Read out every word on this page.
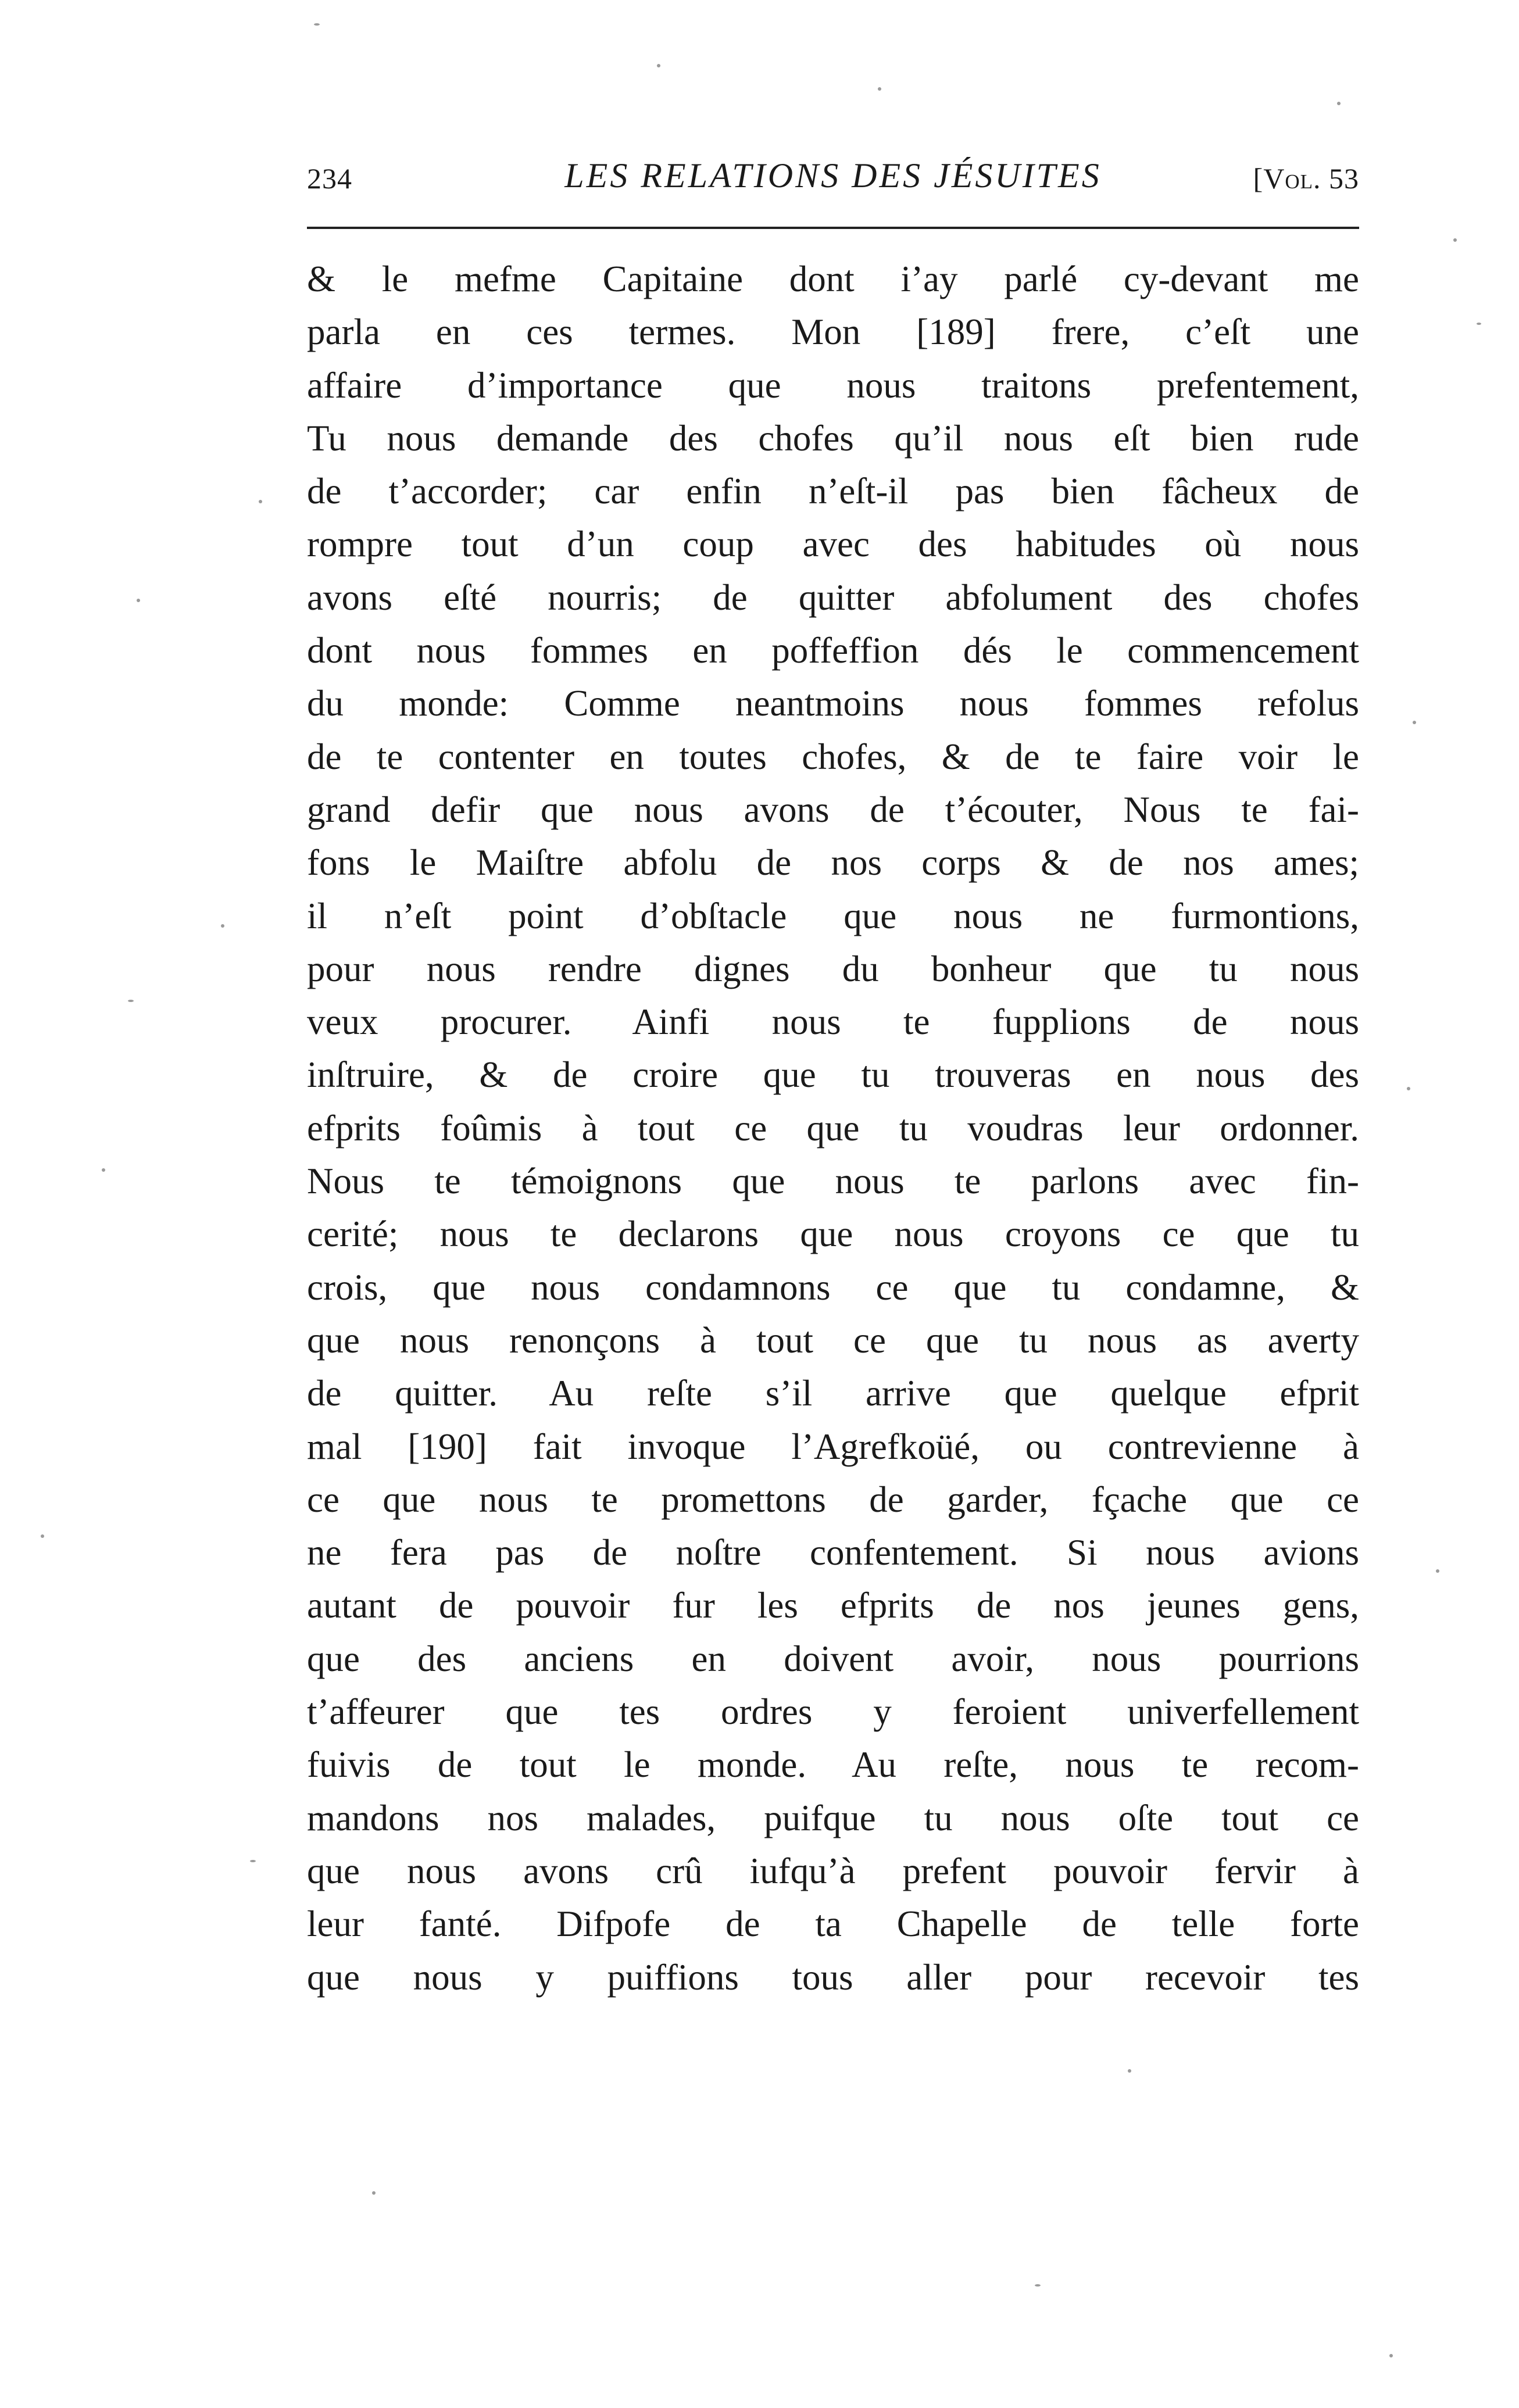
234	LES RELATIONS DES JÉSUITES	[Vol. 53
& le mefme Capitaine dont i’ay parlé cy-devant me
parla en ces termes. Mon [189] frere, c’eſt une
affaire d’importance que nous traitons prefentement,
Tu nous demande des chofes qu’il nous eſt bien rude
de t’accorder; car enfin n’eſt-il pas bien fâcheux de
rompre tout d’un coup avec des habitudes où nous
avons eſté nourris; de quitter abfolument des chofes
dont nous fommes en poffeffion dés le commencement
du monde: Comme neantmoins nous fommes refolus
de te contenter en toutes chofes, & de te faire voir le
grand defir que nous avons de t’écouter, Nous te fai-
fons le Maiſtre abfolu de nos corps & de nos ames;
il n’eſt point d’obſtacle que nous ne furmontions,
pour nous rendre dignes du bonheur que tu nous
veux procurer. Ainfi nous te fupplions de nous
inſtruire, & de croire que tu trouveras en nous des
efprits foûmis à tout ce que tu voudras leur ordonner.
Nous te témoignons que nous te parlons avec fin-
cerité; nous te declarons que nous croyons ce que tu
crois, que nous condamnons ce que tu condamne, &
que nous renonçons à tout ce que tu nous as averty
de quitter. Au reſte s’il arrive que quelque efprit
mal [190] fait invoque l’Agrefkoüé, ou contrevienne à
ce que nous te promettons de garder, fçache que ce
ne fera pas de noſtre confentement. Si nous avions
autant de pouvoir fur les efprits de nos jeunes gens,
que des anciens en doivent avoir, nous pourrions
t’affeurer que tes ordres y feroient univerfellement
fuivis de tout le monde. Au reſte, nous te recom-
mandons nos malades, puifque tu nous oſte tout ce
que nous avons crû iufqu’à prefent pouvoir fervir à
leur fanté. Difpofe de ta Chapelle de telle forte
que nous y puiffions tous aller pour recevoir tes
